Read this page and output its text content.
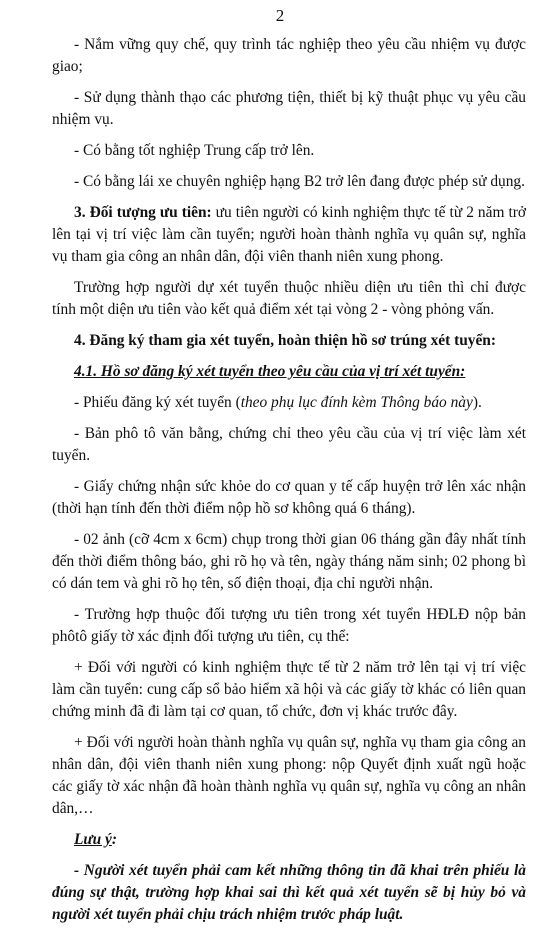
2

- Nắm vững quy chế, quy trình tác nghiệp theo yêu cầu nhiệm vụ được giao;

- Sử dụng thành thạo các phương tiện, thiết bị kỹ thuật phục vụ yêu cầu nhiệm vụ.

- Có bằng tốt nghiệp Trung cấp trở lên.

- Có bằng lái xe chuyên nghiệp hạng B2 trở lên đang được phép sử dụng.

3. Đối tượng ưu tiên: ưu tiên người có kinh nghiệm thực tế từ 2 năm trở lên tại vị trí việc làm cần tuyển; người hoàn thành nghĩa vụ quân sự, nghĩa vụ tham gia công an nhân dân, đội viên thanh niên xung phong.

Trường hợp người dự xét tuyển thuộc nhiều diện ưu tiên thì chỉ được tính một diện ưu tiên vào kết quả điểm xét tại vòng 2 - vòng phỏng vấn.

4. Đăng ký tham gia xét tuyển, hoàn thiện hồ sơ trúng xét tuyển:

4.1. Hồ sơ đăng ký xét tuyển theo yêu cầu của vị trí xét tuyển:

- Phiếu đăng ký xét tuyển (theo phụ lục đính kèm Thông báo này).

- Bản phô tô văn bằng, chứng chỉ theo yêu cầu của vị trí việc làm xét tuyển.

- Giấy chứng nhận sức khỏe do cơ quan y tế cấp huyện trở lên xác nhận (thời hạn tính đến thời điểm nộp hồ sơ không quá 6 tháng).

- 02 ảnh (cỡ 4cm x 6cm) chụp trong thời gian 06 tháng gần đây nhất tính đến thời điểm thông báo, ghi rõ họ và tên, ngày tháng năm sinh; 02 phong bì có dán tem và ghi rõ họ tên, số điện thoại, địa chỉ người nhận.

- Trường hợp thuộc đối tượng ưu tiên trong xét tuyển HĐLĐ nộp bản phôtô giấy tờ xác định đối tượng ưu tiên, cụ thể:

+ Đối với người có kinh nghiệm thực tế từ 2 năm trở lên tại vị trí việc làm cần tuyển: cung cấp sổ bảo hiểm xã hội và các giấy tờ khác có liên quan chứng minh đã đi làm tại cơ quan, tổ chức, đơn vị khác trước đây.

+ Đối với người hoàn thành nghĩa vụ quân sự, nghĩa vụ tham gia công an nhân dân, đội viên thanh niên xung phong: nộp Quyết định xuất ngũ hoặc các giấy tờ xác nhận đã hoàn thành nghĩa vụ quân sự, nghĩa vụ công an nhân dân,…

Lưu ý:

- Người xét tuyển phải cam kết những thông tin đã khai trên phiếu là đúng sự thật, trường hợp khai sai thì kết quả xét tuyển sẽ bị hủy bỏ và người xét tuyển phải chịu trách nhiệm trước pháp luật.
